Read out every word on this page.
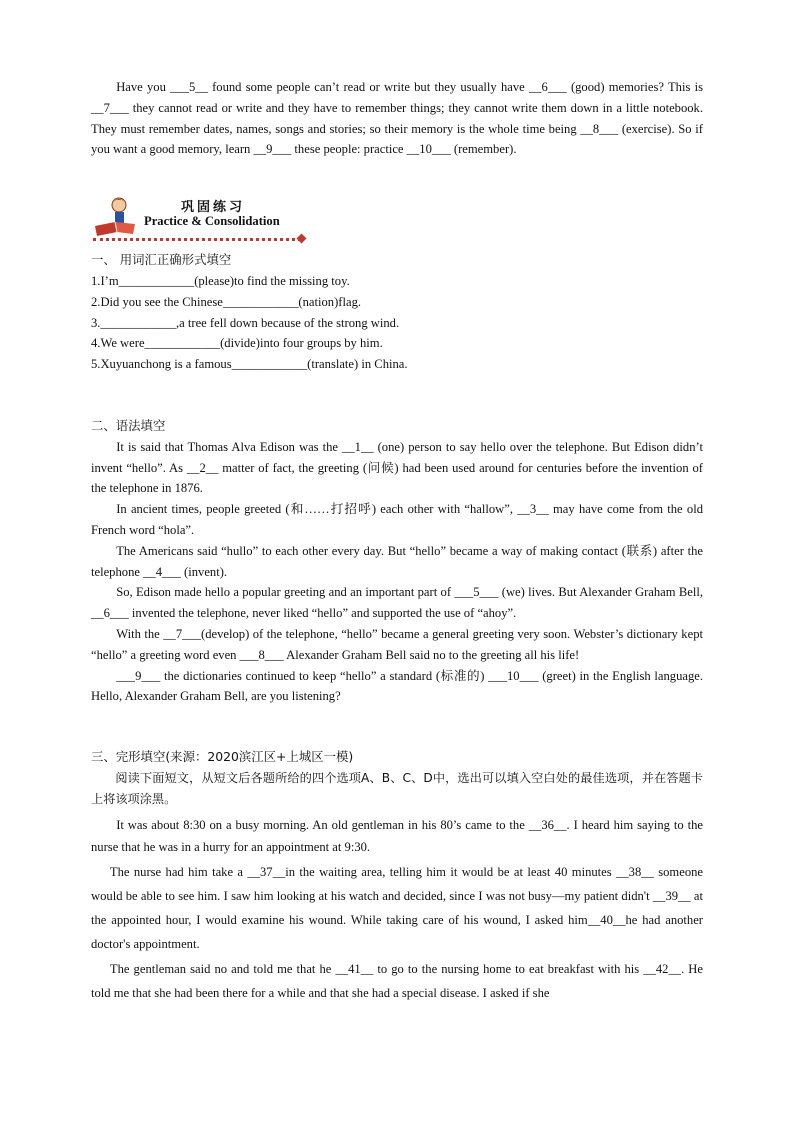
Have you ___5__ found some people can’t read or write but they usually have __6___ (good) memories? This is __7___ they cannot read or write and they have to remember things; they cannot write them down in a little notebook. They must remember dates, names, songs and stories; so their memory is the whole time being __8___ (exercise). So if you want a good memory, learn __9___ these people: practice __10___ (remember).

巩固练习
Practice & Consolidation

一、 用词汇正确形式填空

1.I’m____________(please)to find the missing toy.

2.Did you see the Chinese____________(nation)flag.

3.____________,a tree fell down because of the strong wind.

4.We were____________(divide)into four groups by him.

5.Xuyuanchong is a famous____________(translate) in China.

二、语法填空

It is said that Thomas Alva Edison was the __1__ (one) person to say hello over the telephone. But Edison didn’t invent “hello”. As __2__ matter of fact, the greeting (问候) had been used around for centuries before the invention of the telephone in 1876.

In ancient times, people greeted (和……打招呼) each other with “hallow”, __3__ may have come from the old French word “hola”.

The Americans said “hullo” to each other every day. But “hello” became a way of making contact (联系) after the telephone __4___ (invent).

So, Edison made hello a popular greeting and an important part of ___5___ (we) lives. But Alexander Graham Bell, __6___ invented the telephone, never liked “hello” and supported the use of “ahoy”.

With the __7___(develop) of the telephone, “hello” became a general greeting very soon. Webster’s dictionary kept “hello” a greeting word even ___8___ Alexander Graham Bell said no to the greeting all his life!

___9___ the dictionaries continued to keep “hello” a standard (标准的) ___10___ (greet) in the English language. Hello, Alexander Graham Bell, are you listening?

三、完形填空(来源：2020滨江区+上城区一模)

阅读下面短文，从短文后各题所给的四个选项A、B、C、D中，选出可以填入空白处的最佳选项，并在答题卡上将该项涂黑。

It was about 8:30 on a busy morning. An old gentleman in his 80’s came to the __36__. I heard him saying to the nurse that he was in a hurry for an appointment at 9:30.

The nurse had him take a __37__in the waiting area, telling him it would be at least 40 minutes __38__ someone would be able to see him. I saw him looking at his watch and decided, since I was not busy—my patient didn't __39__ at the appointed hour, I would examine his wound. While taking care of his wound, I asked him__40__he had another doctor's appointment.

The gentleman said no and told me that he __41__ to go to the nursing home to eat breakfast with his __42__. He told me that she had been there for a while and that she had a special disease. I asked if she
